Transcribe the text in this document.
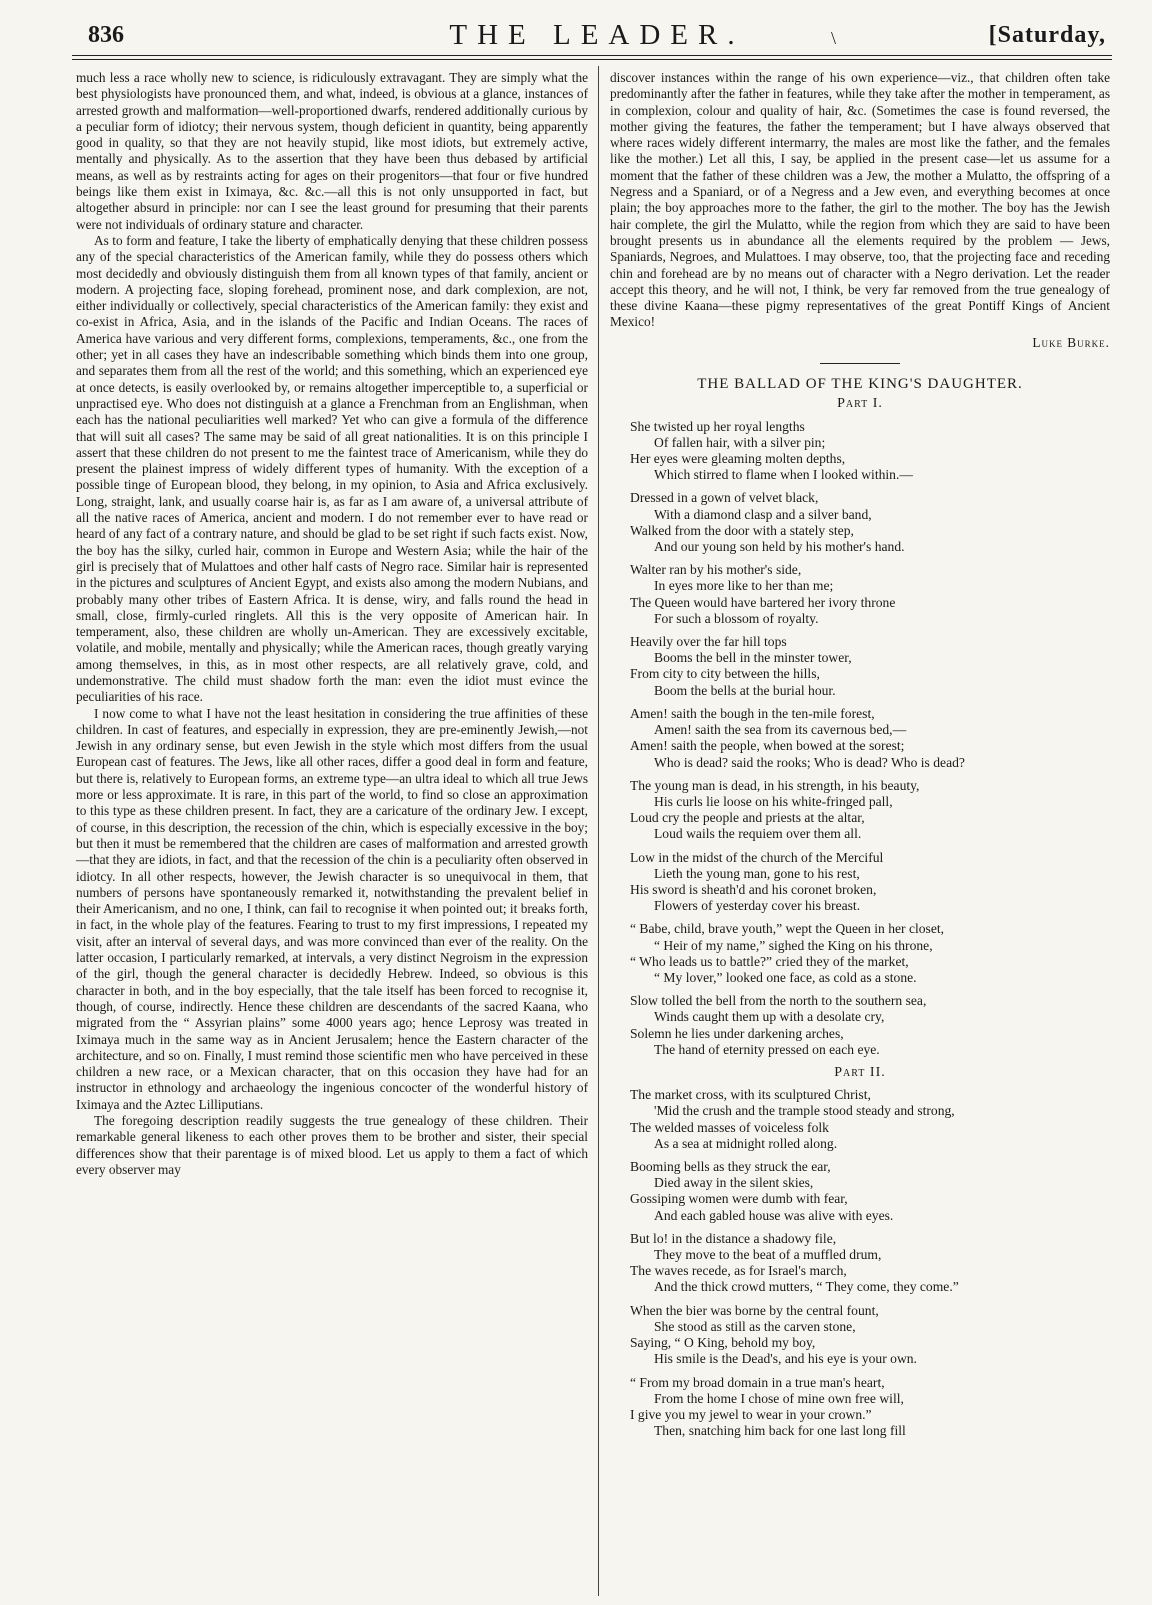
836	THE LEADER.	\	[Saturday,

much less a race wholly new to science, is ridiculously extravagant. They are simply what the best physiologists have pronounced them, and what, indeed, is obvious at a glance, instances of arrested growth and malformation—well-proportioned dwarfs, rendered additionally curious by a peculiar form of idiotcy; their nervous system, though deficient in quantity, being apparently good in quality, so that they are not heavily stupid, like most idiots, but extremely active, mentally and physically. As to the assertion that they have been thus debased by artificial means, as well as by restraints acting for ages on their progenitors—that four or five hundred beings like them exist in Iximaya, &c. &c.—all this is not only unsupported in fact, but altogether absurd in principle: nor can I see the least ground for presuming that their parents were not individuals of ordinary stature and character.

As to form and feature, I take the liberty of emphatically denying that these children possess any of the special characteristics of the American family, while they do possess others which most decidedly and obviously distinguish them from all known types of that family, ancient or modern. A projecting face, sloping forehead, prominent nose, and dark complexion, are not, either individually or collectively, special characteristics of the American family: they exist and co-exist in Africa, Asia, and in the islands of the Pacific and Indian Oceans. The races of America have various and very different forms, complexions, temperaments, &c., one from the other; yet in all cases they have an indescribable something which binds them into one group, and separates them from all the rest of the world; and this something, which an experienced eye at once detects, is easily overlooked by, or remains altogether imperceptible to, a superficial or unpractised eye. Who does not distinguish at a glance a Frenchman from an Englishman, when each has the national peculiarities well marked? Yet who can give a formula of the difference that will suit all cases? The same may be said of all great nationalities. It is on this principle I assert that these children do not present to me the faintest trace of Americanism, while they do present the plainest impress of widely different types of humanity. With the exception of a possible tinge of European blood, they belong, in my opinion, to Asia and Africa exclusively. Long, straight, lank, and usually coarse hair is, as far as I am aware of, a universal attribute of all the native races of America, ancient and modern. I do not remember ever to have read or heard of any fact of a contrary nature, and should be glad to be set right if such facts exist. Now, the boy has the silky, curled hair, common in Europe and Western Asia; while the hair of the girl is precisely that of Mulattoes and other half casts of Negro race. Similar hair is represented in the pictures and sculptures of Ancient Egypt, and exists also among the modern Nubians, and probably many other tribes of Eastern Africa. It is dense, wiry, and falls round the head in small, close, firmly-curled ringlets. All this is the very opposite of American hair. In temperament, also, these children are wholly un-American. They are excessively excitable, volatile, and mobile, mentally and physically; while the American races, though greatly varying among themselves, in this, as in most other respects, are all relatively grave, cold, and undemonstrative. The child must shadow forth the man: even the idiot must evince the peculiarities of his race.

I now come to what I have not the least hesitation in considering the true affinities of these children. In cast of features, and especially in expression, they are pre-eminently Jewish,—not Jewish in any ordinary sense, but even Jewish in the style which most differs from the usual European cast of features. The Jews, like all other races, differ a good deal in form and feature, but there is, relatively to European forms, an extreme type—an ultra ideal to which all true Jews more or less approximate. It is rare, in this part of the world, to find so close an approximation to this type as these children present. In fact, they are a caricature of the ordinary Jew. I except, of course, in this description, the recession of the chin, which is especially excessive in the boy; but then it must be remembered that the children are cases of malformation and arrested growth—that they are idiots, in fact, and that the recession of the chin is a peculiarity often observed in idiotcy. In all other respects, however, the Jewish character is so unequivocal in them, that numbers of persons have spontaneously remarked it, notwithstanding the prevalent belief in their Americanism, and no one, I think, can fail to recognise it when pointed out; it breaks forth, in fact, in the whole play of the features. Fearing to trust to my first impressions, I repeated my visit, after an interval of several days, and was more convinced than ever of the reality. On the latter occasion, I particularly remarked, at intervals, a very distinct Negroism in the expression of the girl, though the general character is decidedly Hebrew. Indeed, so obvious is this character in both, and in the boy especially, that the tale itself has been forced to recognise it, though, of course, indirectly. Hence these children are descendants of the sacred Kaana, who migrated from the “ Assyrian plains” some 4000 years ago; hence Leprosy was treated in Iximaya much in the same way as in Ancient Jerusalem; hence the Eastern character of the architecture, and so on. Finally, I must remind those scientific men who have perceived in these children a new race, or a Mexican character, that on this occasion they have had for an instructor in ethnology and archaeology the ingenious concocter of the wonderful history of Iximaya and the Aztec Lilliputians.

The foregoing description readily suggests the true genealogy of these children. Their remarkable general likeness to each other proves them to be brother and sister, their special differences show that their parentage is of mixed blood. Let us apply to them a fact of which every observer may

discover instances within the range of his own experience—viz., that children often take predominantly after the father in features, while they take after the mother in temperament, as in complexion, colour and quality of hair, &c. (Sometimes the case is found reversed, the mother giving the features, the father the temperament; but I have always observed that where races widely different intermarry, the males are most like the father, and the females like the mother.) Let all this, I say, be applied in the present case—let us assume for a moment that the father of these children was a Jew, the mother a Mulatto, the offspring of a Negress and a Spaniard, or of a Negress and a Jew even, and everything becomes at once plain; the boy approaches more to the father, the girl to the mother. The boy has the Jewish hair complete, the girl the Mulatto, while the region from which they are said to have been brought presents us in abundance all the elements required by the problem — Jews, Spaniards, Negroes, and Mulattoes. I may observe, too, that the projecting face and receding chin and forehead are by no means out of character with a Negro derivation. Let the reader accept this theory, and he will not, I think, be very far removed from the true genealogy of these divine Kaana—these pigmy representatives of the great Pontiff Kings of Ancient Mexico!

Luke Burke.

THE BALLAD OF THE KING'S DAUGHTER.
Part I.
She twisted up her royal lengths
Of fallen hair, with a silver pin;
Her eyes were gleaming molten depths,
Which stirred to flame when I looked within.—
Dressed in a gown of velvet black,
With a diamond clasp and a silver band,
Walked from the door with a stately step,
And our young son held by his mother's hand.
Walter ran by his mother's side,
In eyes more like to her than me;
The Queen would have bartered her ivory throne
For such a blossom of royalty.
Heavily over the far hill tops
Booms the bell in the minster tower,
From city to city between the hills,
Boom the bells at the burial hour.
Amen! saith the bough in the ten-mile forest,
Amen! saith the sea from its cavernous bed,—
Amen! saith the people, when bowed at the sorest;
Who is dead? said the rooks; Who is dead? Who is dead?
The young man is dead, in his strength, in his beauty,
His curls lie loose on his white-fringed pall,
Loud cry the people and priests at the altar,
Loud wails the requiem over them all.
Low in the midst of the church of the Merciful
Lieth the young man, gone to his rest,
His sword is sheath'd and his coronet broken,
Flowers of yesterday cover his breast.
“ Babe, child, brave youth,” wept the Queen in her closet,
“ Heir of my name,” sighed the King on his throne,
“ Who leads us to battle?” cried they of the market,
“ My lover,” looked one face, as cold as a stone.
Slow tolled the bell from the north to the southern sea,
Winds caught them up with a desolate cry,
Solemn he lies under darkening arches,
The hand of eternity pressed on each eye.
Part II.
The market cross, with its sculptured Christ,
'Mid the crush and the trample stood steady and strong,
The welded masses of voiceless folk
As a sea at midnight rolled along.
Booming bells as they struck the ear,
Died away in the silent skies,
Gossiping women were dumb with fear,
And each gabled house was alive with eyes.
But lo! in the distance a shadowy file,
They move to the beat of a muffled drum,
The waves recede, as for Israel's march,
And the thick crowd mutters, “ They come, they come.”
When the bier was borne by the central fount,
She stood as still as the carven stone,
Saying, “ O King, behold my boy,
His smile is the Dead's, and his eye is your own.
“ From my broad domain in a true man's heart,
From the home I chose of mine own free will,
I give you my jewel to wear in your crown.”
Then, snatching him back for one last long fill
